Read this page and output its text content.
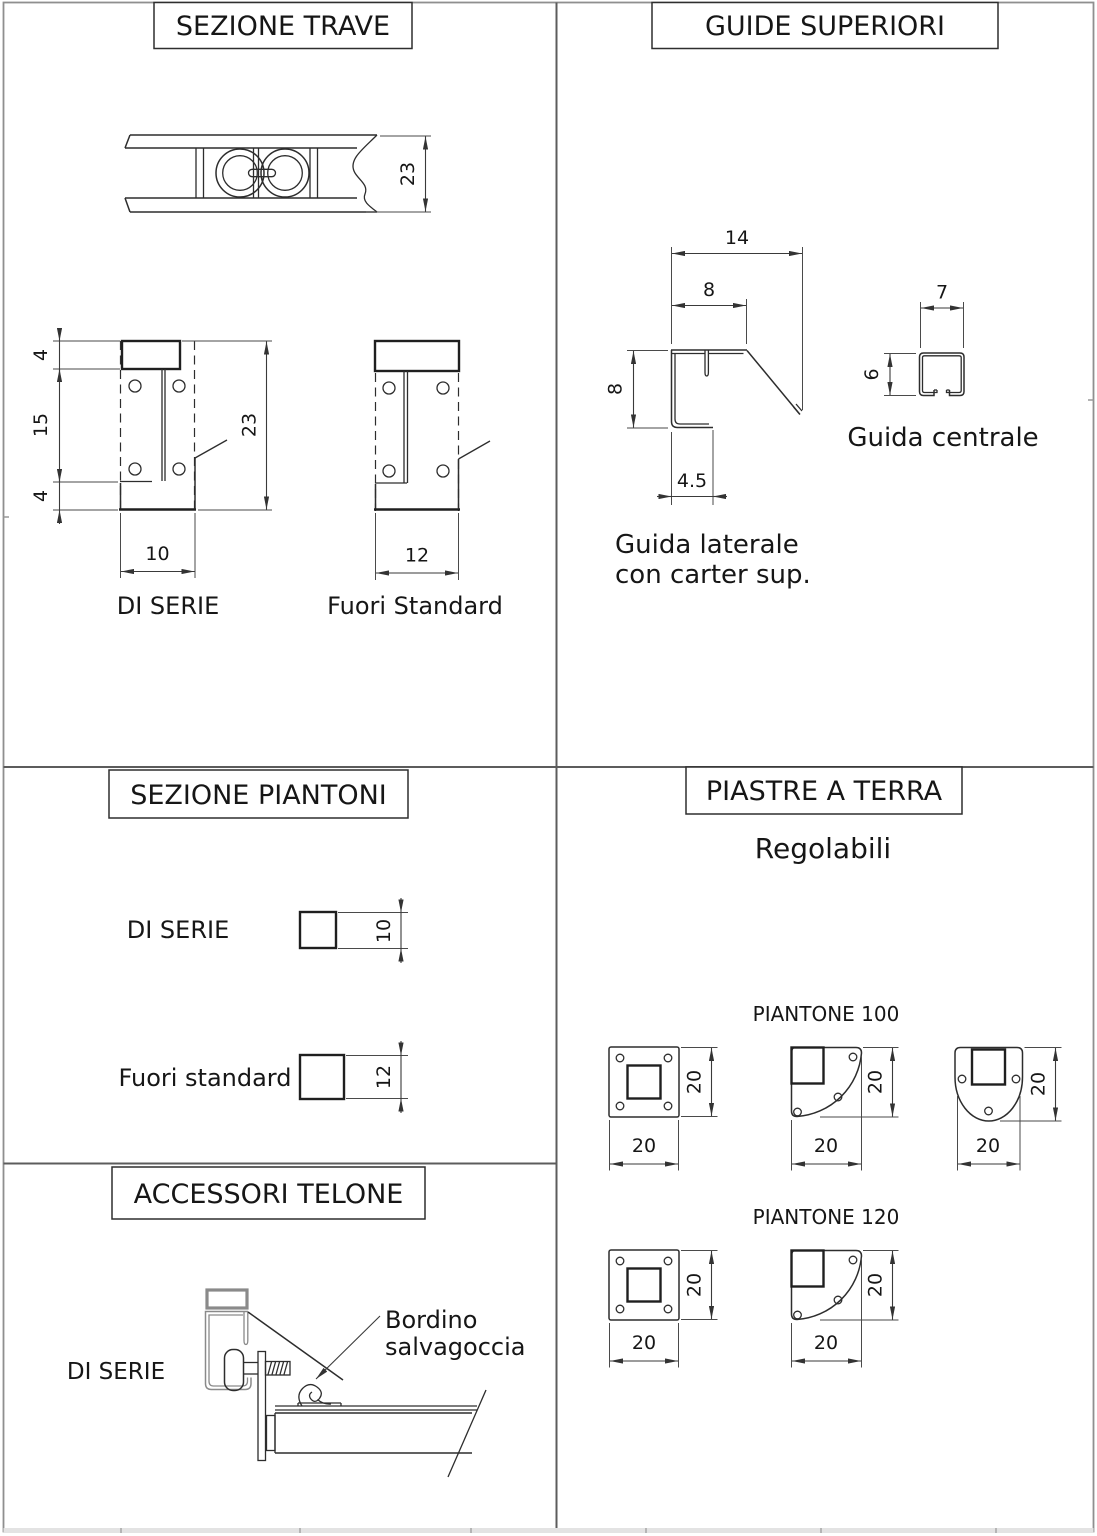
SEZIONE TRAVE
23
4
15
4
23
10
DI SERIE
12
Fuori Standard
GUIDE SUPERIORI
14
8
8
4.5
Guida laterale
con carter sup.
7
6
Guida centrale
SEZIONE PIANTONI
DI SERIE	10
Fuori standard	12
PIASTRE A TERRA
Regolabili
PIANTONE 100
20
20
20
20
20
20
PIANTONE 120
20
20
20
20
ACCESSORI TELONE
DI SERIE
Bordino
salvagoccia
